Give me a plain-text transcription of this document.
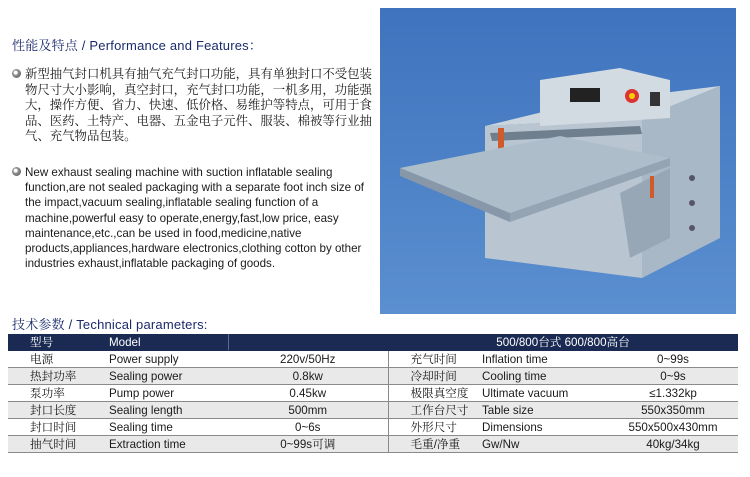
性能及特点 / Performance and Features：
新型抽气封口机具有抽气充气封口功能，具有单独封口不受包装物尺寸大小影响，真空封口，充气封口功能，一机多用，功能强大，操作方便、省力、快速、低价格、易维护等特点，可用于食品、医药、土特产、电器、五金电子元件、服装、棉被等行业抽气、充气物品包装。
New exhaust sealing machine with suction inflatable sealing function,are not sealed packaging with a separate foot inch size of the impact,vacuum sealing,inflatable sealing function of a machine,powerful easy to operate,energy,fast,low price, easy maintenance,etc.,can be used in food,medicine,native products,appliances,hardware electronics,clothing cotton by other industries exhaust,inflatable packaging of goods.
技术参数 / Technical parameters:
型号	Model		500/800台式 600/800高台		
电源	Power supply	220v/50Hz	充气时间	Inflation time	0~99s
热封功率	Sealing power	0.8kw	冷却时间	Cooling time	0~9s
泵功率	Pump power	0.45kw	极限真空度	Ultimate vacuum	≤1.332kp
封口长度	Sealing length	500mm	工作台尺寸	Table size	550x350mm
封口时间	Sealing time	0~6s	外形尺寸	Dimensions	550x500x430mm
抽气时间	Extraction time	0~99s可调	毛重/净重	Gw/Nw	40kg/34kg
